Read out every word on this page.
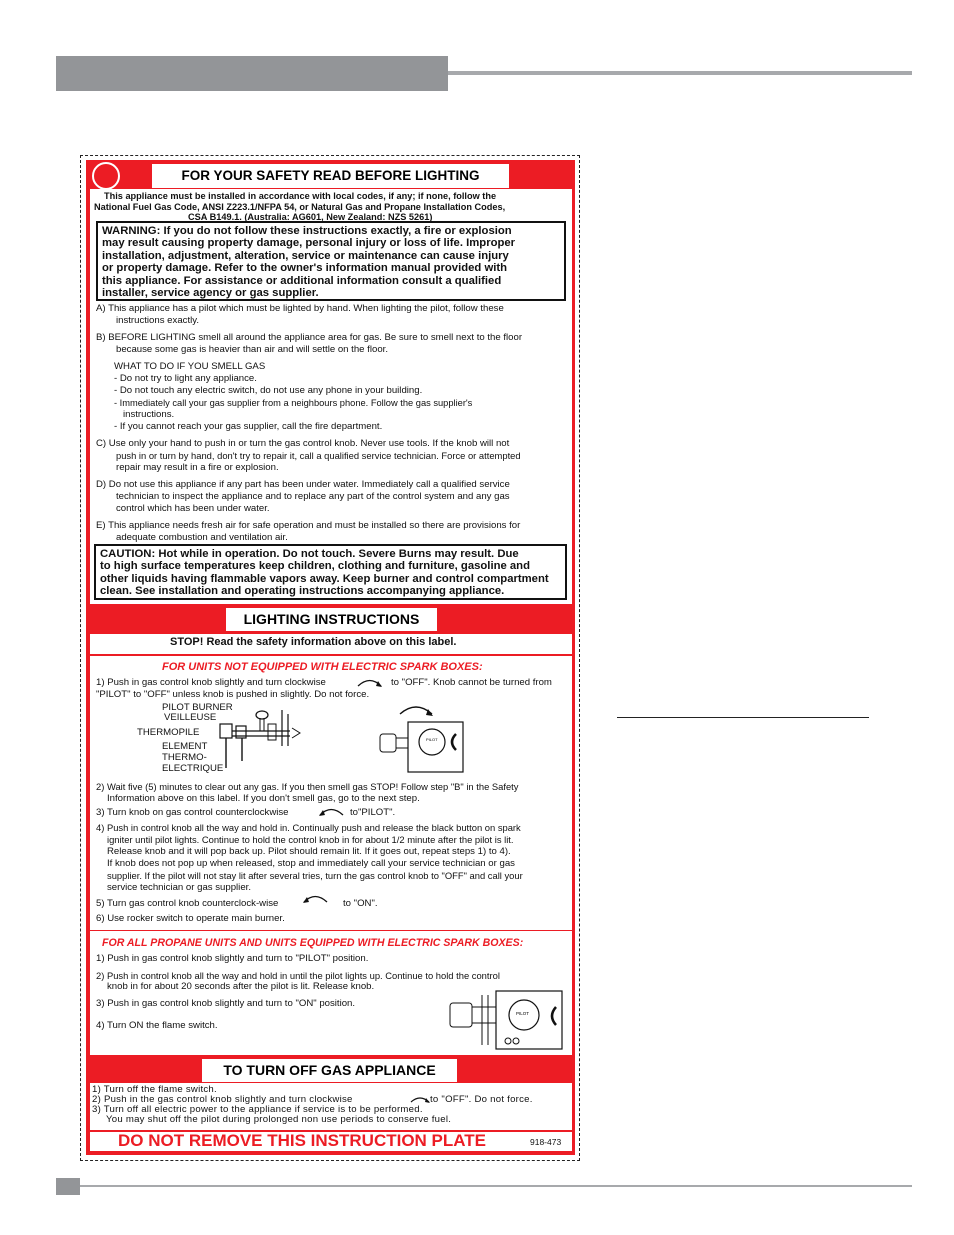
FOR YOUR SAFETY READ BEFORE LIGHTING
This appliance must be installed in accordance with local codes, if any; if none, follow the
National Fuel Gas Code, ANSI Z223.1/NFPA 54, or Natural Gas and Propane Installation Codes,
CSA B149.1. (Australia: AG601, New Zealand: NZS 5261)
WARNING: If you do not follow these instructions exactly, a fire or explosion
may result causing property damage, personal injury or loss of life. Improper
installation, adjustment, alteration, service or maintenance can cause injury
or property damage. Refer to the owner's information manual provided with
this appliance. For assistance or additional information consult a qualified
installer, service agency or gas supplier.
A) This appliance has a pilot which must be lighted by hand. When lighting the pilot, follow these
instructions exactly.
B) BEFORE LIGHTING smell all around the appliance area for gas. Be sure to smell next to the floor
because some gas is heavier than air and will settle on the floor.
WHAT TO DO IF YOU SMELL GAS
- Do not try to light any appliance.
- Do not touch any electric switch, do not use any phone in your building.
- Immediately call your gas supplier from a neighbours phone. Follow the gas supplier's
instructions.
- If you cannot reach your gas supplier, call the fire department.
C) Use only your hand to push in or turn the gas control knob. Never use tools. If the knob will not
push in or turn by hand, don't try to repair it, call a qualified service technician. Force or attempted
repair may result in a fire or explosion.
D) Do not use this appliance if any part has been under water. Immediately call a qualified service
technician to inspect the appliance and to replace any part of the control system and any gas
control which has been under water.
E) This appliance needs fresh air for safe operation and must be installed so there are provisions for
adequate combustion and ventilation air.
CAUTION: Hot while in operation. Do not touch. Severe Burns may result. Due
to high surface temperatures keep children, clothing and furniture, gasoline and
other liquids having flammable vapors away. Keep burner and control compartment
clean. See installation and operating instructions accompanying appliance.
LIGHTING INSTRUCTIONS
STOP! Read the safety information above on this label.
FOR UNITS NOT EQUIPPED WITH ELECTRIC SPARK BOXES:
1) Push in gas control knob slightly and turn clockwise	to "OFF". Knob cannot be turned from
"PILOT" to "OFF" unless knob is pushed in slightly. Do not force.
PILOT BURNER
VEILLEUSE
THERMOPILE
ELEMENT
THERMO-
ELECTRIQUE
PILOT
2) Wait five (5) minutes to clear out any gas. If you then smell gas STOP! Follow step "B" in the Safety
Information above on this label. If you don't smell gas, go to the next step.
3) Turn knob on gas control counterclockwise	to"PILOT".
4) Push in control knob all the way and hold in. Continually push and release the black button on spark
igniter until pilot lights. Continue to hold the control knob in for about 1/2 minute after the pilot is lit.
Release knob and it will pop back up. Pilot should remain lit. If it goes out, repeat steps 1) to 4).
If knob does not pop up when released, stop and immediately call your service technician or gas
supplier. If the pilot will not stay lit after several tries, turn the gas control knob to "OFF" and call your
service technician or gas supplier.
5) Turn gas control knob counterclock-wise	to "ON".
6) Use rocker switch to operate main burner.
FOR ALL PROPANE UNITS AND UNITS EQUIPPED WITH ELECTRIC SPARK BOXES:
1) Push in gas control knob slightly and turn to "PILOT" position.
2) Push in control knob all the way and hold in until the pilot lights up. Continue to hold the control
knob in for about 20 seconds after the pilot is lit. Release knob.
3) Push in gas control knob slightly and turn to "ON" position.
4) Turn ON the flame switch.
PILOT
TO TURN OFF GAS APPLIANCE
1) Turn off the flame switch.
2) Push in the gas control knob slightly and turn clockwise	to "OFF". Do not force.
3) Turn off all electric power to the appliance if service is to be performed.
You may shut off the pilot during prolonged non use periods to conserve fuel.
DO NOT REMOVE THIS INSTRUCTION PLATE	918-473
